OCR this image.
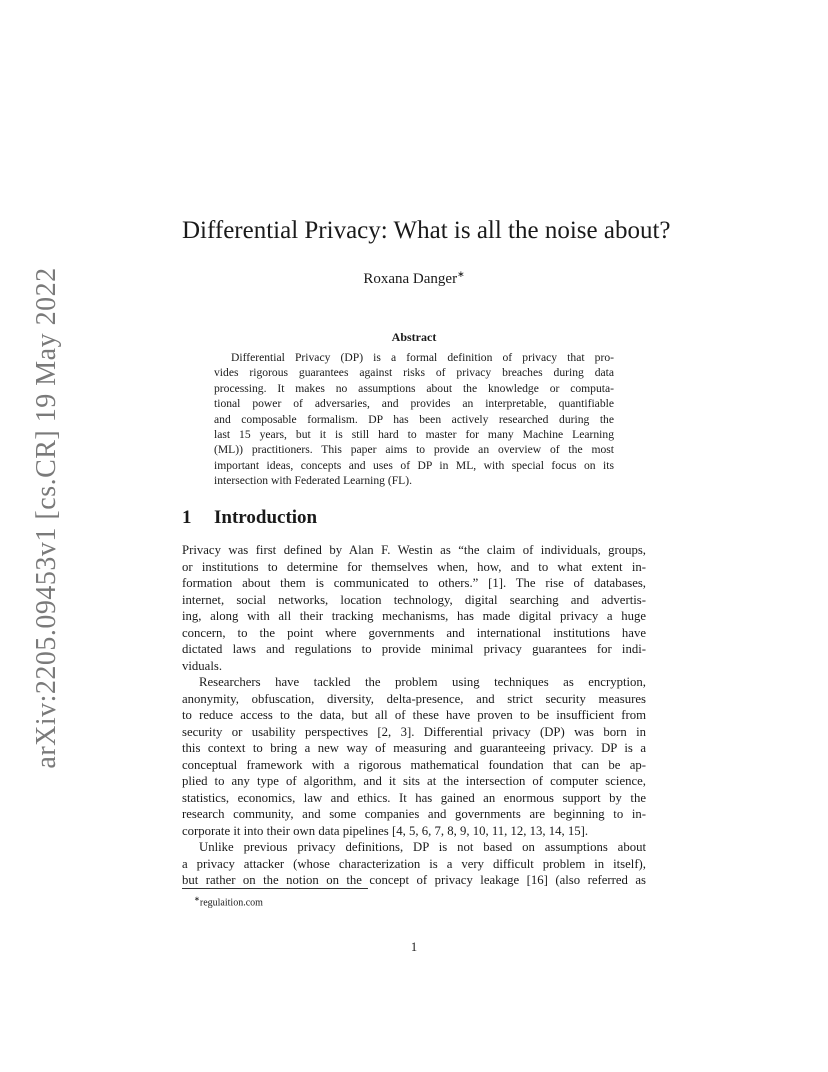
arXiv:2205.09453v1 [cs.CR] 19 May 2022
Differential Privacy: What is all the noise about?
Roxana Danger∗
Abstract
Differential Privacy (DP) is a formal definition of privacy that pro-
vides rigorous guarantees against risks of privacy breaches during data
processing. It makes no assumptions about the knowledge or computa-
tional power of adversaries, and provides an interpretable, quantifiable
and composable formalism. DP has been actively researched during the
last 15 years, but it is still hard to master for many Machine Learning
(ML)) practitioners. This paper aims to provide an overview of the most
important ideas, concepts and uses of DP in ML, with special focus on its
intersection with Federated Learning (FL).
1 Introduction
Privacy was first defined by Alan F. Westin as “the claim of individuals, groups,
or institutions to determine for themselves when, how, and to what extent in-
formation about them is communicated to others.” [1]. The rise of databases,
internet, social networks, location technology, digital searching and advertis-
ing, along with all their tracking mechanisms, has made digital privacy a huge
concern, to the point where governments and international institutions have
dictated laws and regulations to provide minimal privacy guarantees for indi-
viduals.
Researchers have tackled the problem using techniques as encryption,
anonymity, obfuscation, diversity, delta-presence, and strict security measures
to reduce access to the data, but all of these have proven to be insufficient from
security or usability perspectives [2, 3]. Differential privacy (DP) was born in
this context to bring a new way of measuring and guaranteeing privacy. DP is a
conceptual framework with a rigorous mathematical foundation that can be ap-
plied to any type of algorithm, and it sits at the intersection of computer science,
statistics, economics, law and ethics. It has gained an enormous support by the
research community, and some companies and governments are beginning to in-
corporate it into their own data pipelines [4, 5, 6, 7, 8, 9, 10, 11, 12, 13, 14, 15].
Unlike previous privacy definitions, DP is not based on assumptions about
a privacy attacker (whose characterization is a very difficult problem in itself),
but rather on the notion on the concept of privacy leakage [16] (also referred as
∗regulaition.com
1
